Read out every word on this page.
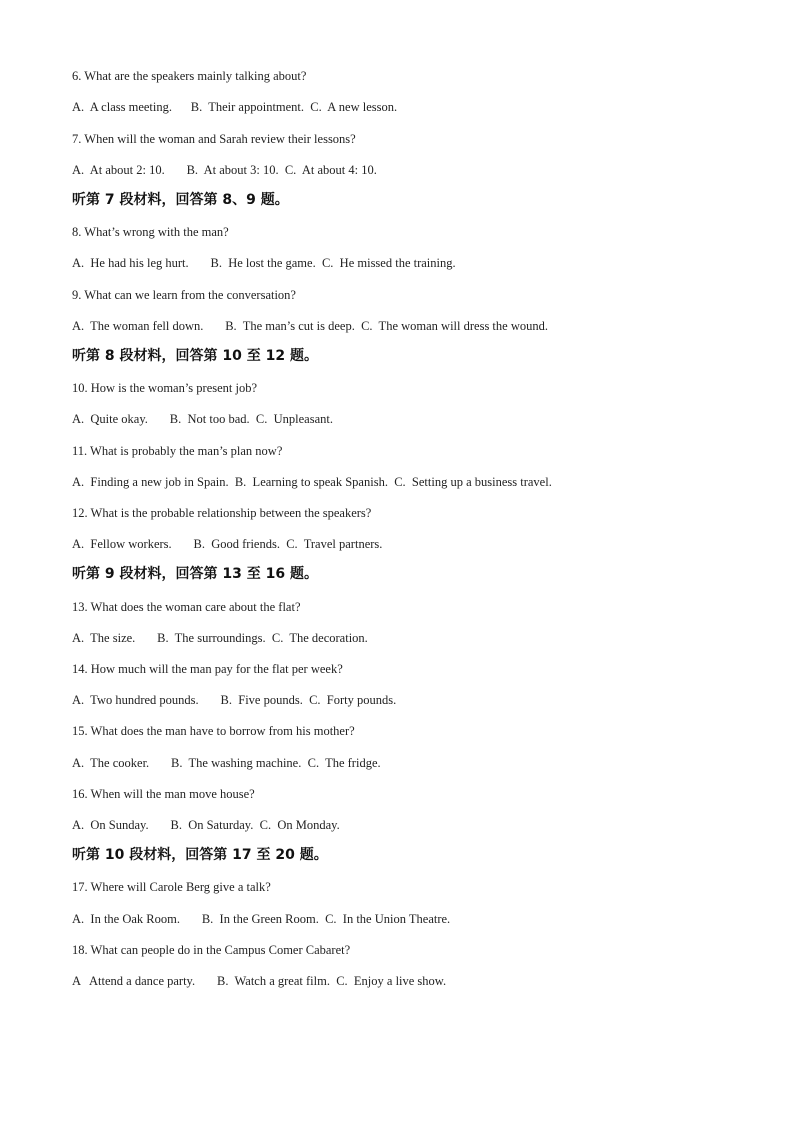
6. What are the speakers mainly talking about?
A.  A class meeting.      B.  Their appointment.  C.  A new lesson.
7. When will the woman and Sarah review their lessons?
A.  At about 2: 10.       B.  At about 3: 10.  C.  At about 4: 10.
听第 7 段材料，回答第 8、9 题。
8. What’s wrong with the man?
A.  He had his leg hurt.       B.  He lost the game.  C.  He missed the training.
9. What can we learn from the conversation?
A.  The woman fell down.       B.  The man’s cut is deep.  C.  The woman will dress the wound.
听第 8 段材料，回答第 10 至 12 题。
10. How is the woman’s present job?
A.  Quite okay.       B.  Not too bad.  C.  Unpleasant.
11. What is probably the man’s plan now?
A.  Finding a new job in Spain.  B.  Learning to speak Spanish.  C.  Setting up a business travel.
12. What is the probable relationship between the speakers?
A.  Fellow workers.       B.  Good friends.  C.  Travel partners.
听第 9 段材料，回答第 13 至 16 题。
13. What does the woman care about the flat?
A.  The size.       B.  The surroundings.  C.  The decoration.
14. How much will the man pay for the flat per week?
A.  Two hundred pounds.       B.  Five pounds.  C.  Forty pounds.
15. What does the man have to borrow from his mother?
A.  The cooker.       B.  The washing machine.  C.  The fridge.
16. When will the man move house?
A.  On Sunday.       B.  On Saturday.  C.  On Monday.
听第 10 段材料，回答第 17 至 20 题。
17. Where will Carole Berg give a talk?
A.  In the Oak Room.       B.  In the Green Room.  C.  In the Union Theatre.
18. What can people do in the Campus Comer Cabaret?
A   Attend a dance party.       B.  Watch a great film.  C.  Enjoy a live show.
